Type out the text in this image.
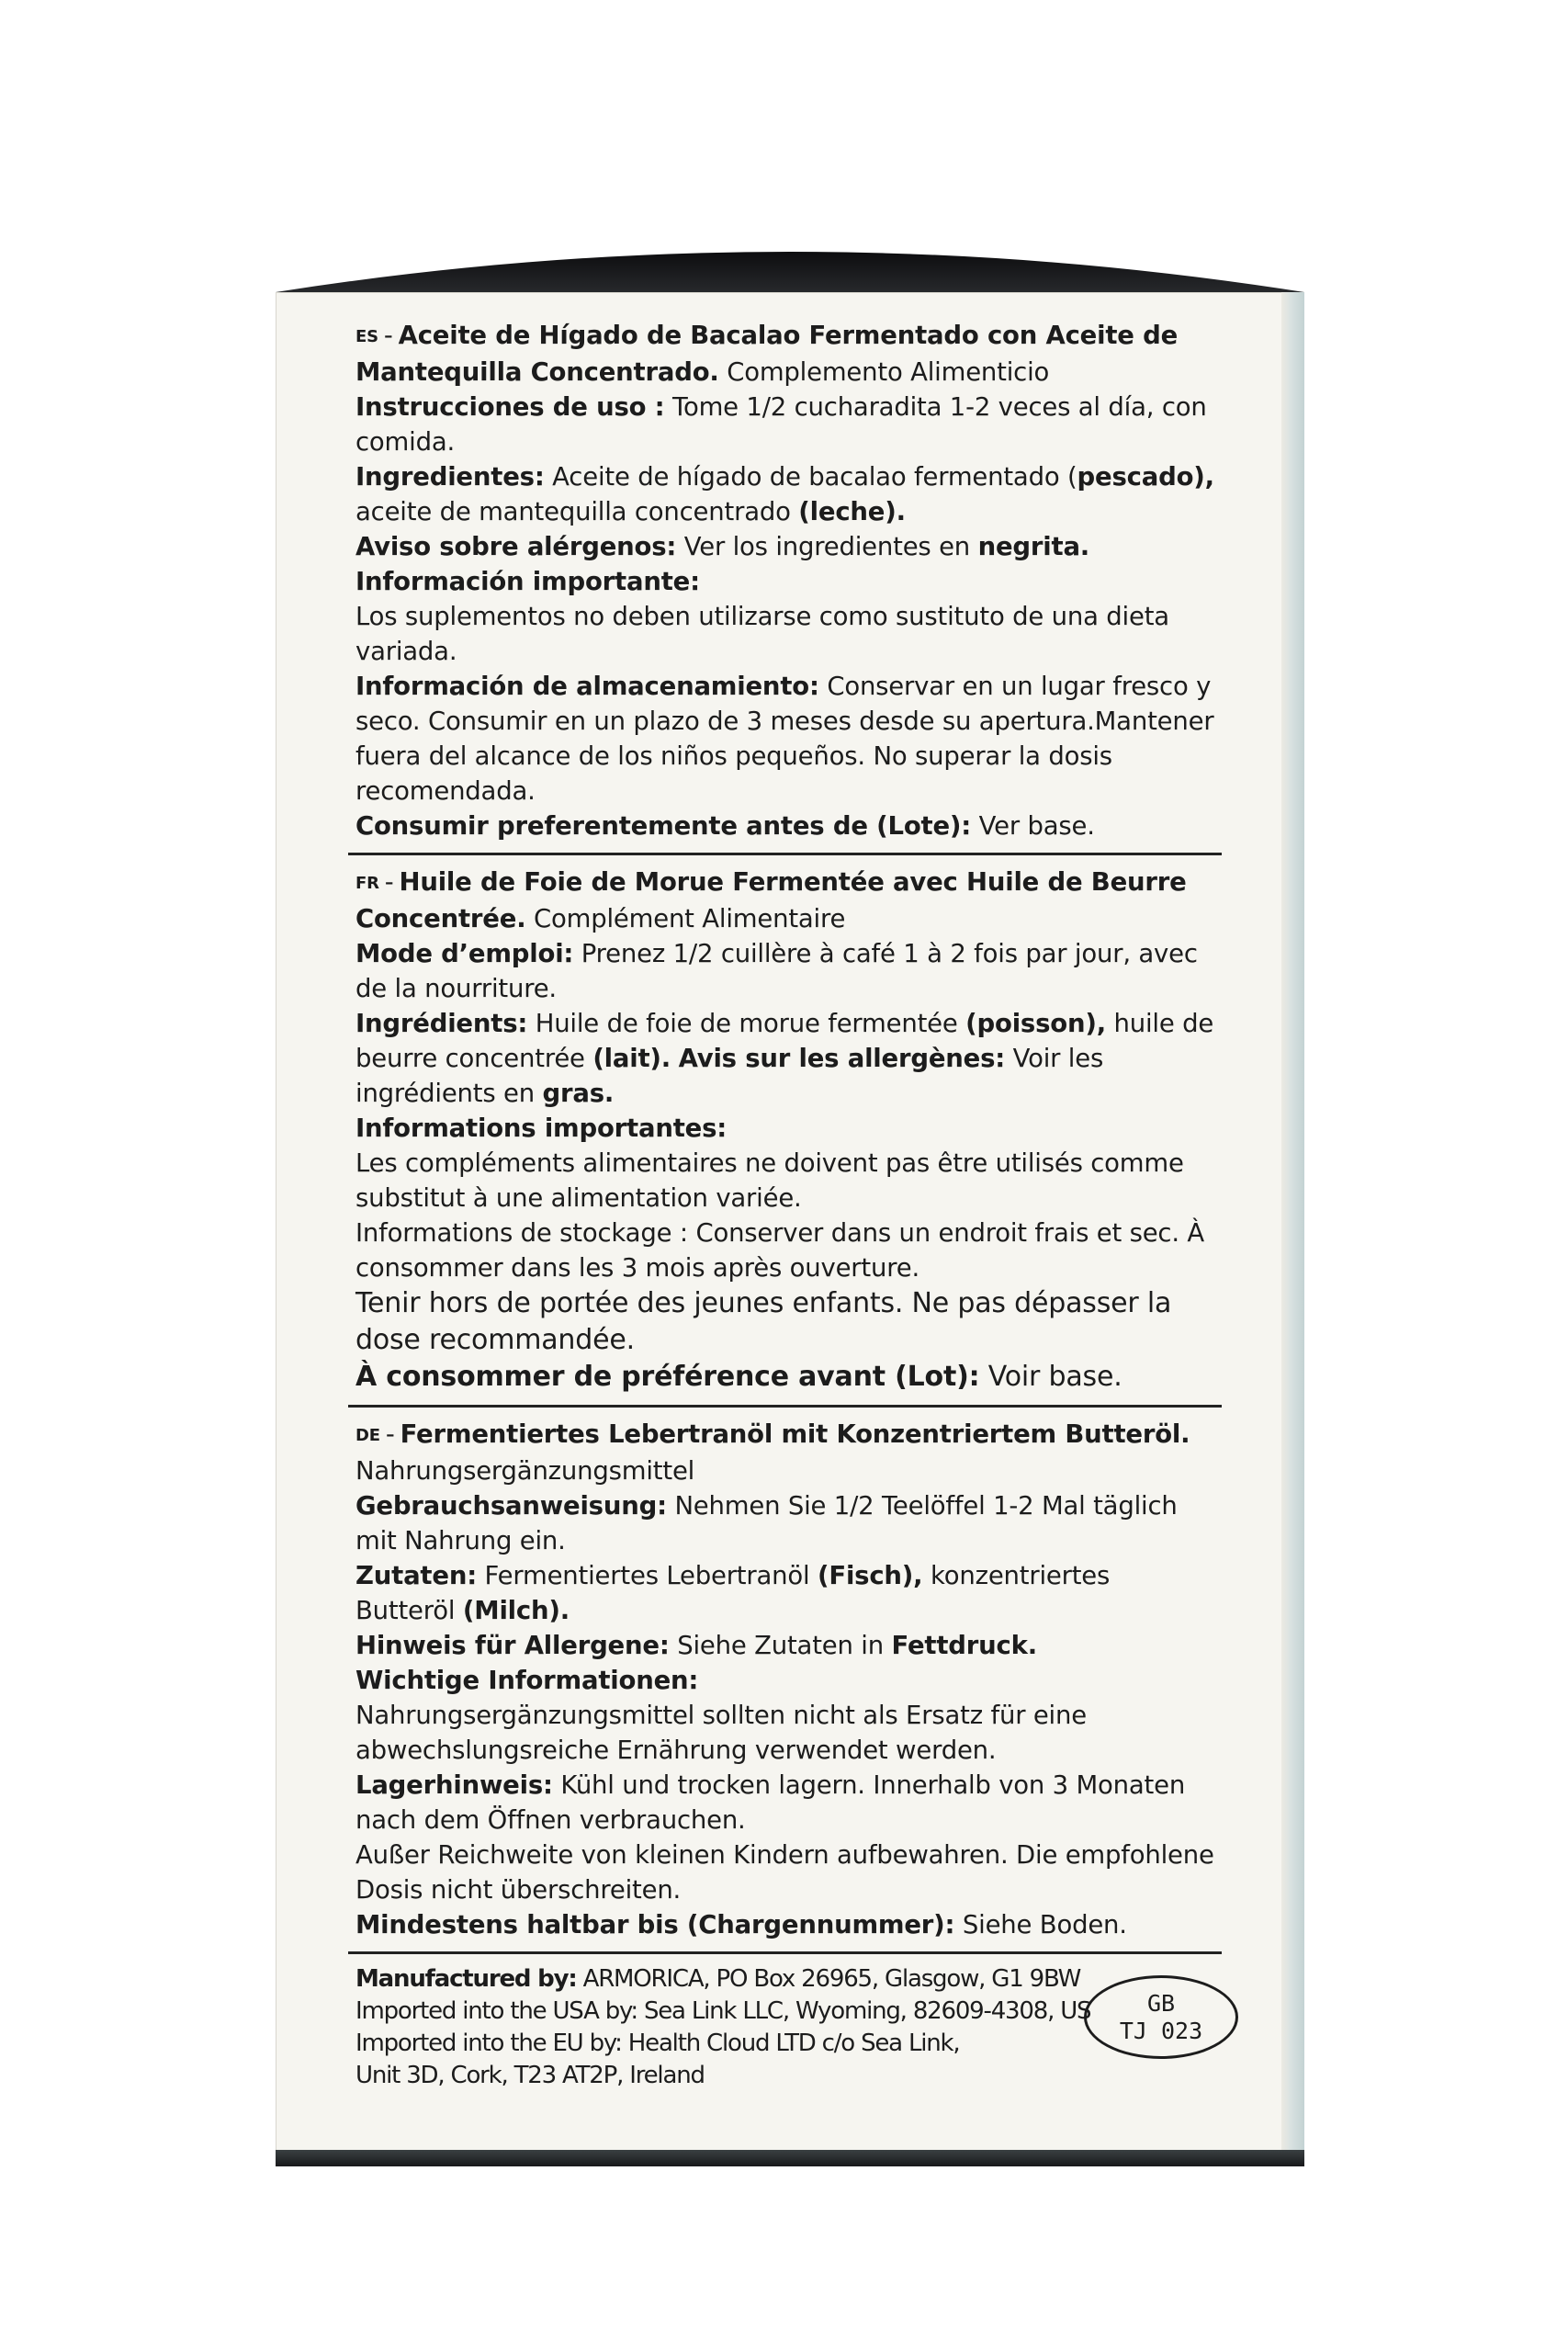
ES - Aceite de Hígado de Bacalao Fermentado con Aceite de Mantequilla Concentrado. Complemento Alimenticio

Instrucciones de uso : Tome 1/2 cucharadita 1-2 veces al día, con comida.

Ingredientes: Aceite de hígado de bacalao fermentado (pescado), aceite de mantequilla concentrado (leche).

Aviso sobre alérgenos: Ver los ingredientes en negrita.

Información importante:

Los suplementos no deben utilizarse como sustituto de una dieta variada.

Información de almacenamiento: Conservar en un lugar fresco y seco. Consumir en un plazo de 3 meses desde su apertura.Mantener fuera del alcance de los niños pequeños. No superar la dosis recomendada.

Consumir preferentemente antes de (Lote): Ver base.

FR - Huile de Foie de Morue Fermentée avec Huile de Beurre Concentrée. Complément Alimentaire

Mode d’emploi: Prenez 1/2 cuillère à café 1 à 2 fois par jour, avec de la nourriture.

Ingrédients: Huile de foie de morue fermentée (poisson), huile de beurre concentrée (lait). Avis sur les allergènes: Voir les ingrédients en gras.

Informations importantes:

Les compléments alimentaires ne doivent pas être utilisés comme substitut à une alimentation variée.

Informations de stockage : Conserver dans un endroit frais et sec. À consommer dans les 3 mois après ouverture.

Tenir hors de portée des jeunes enfants. Ne pas dépasser la dose recommandée.

À consommer de préférence avant (Lot): Voir base.

DE - Fermentiertes Lebertranöl mit Konzentriertem Butteröl.

Nahrungsergänzungsmittel

Gebrauchsanweisung: Nehmen Sie 1/2 Teelöffel 1-2 Mal täglich mit Nahrung ein.

Zutaten: Fermentiertes Lebertranöl (Fisch), konzentriertes Butteröl (Milch).

Hinweis für Allergene: Siehe Zutaten in Fettdruck.

Wichtige Informationen:

Nahrungsergänzungsmittel sollten nicht als Ersatz für eine abwechslungsreiche Ernährung verwendet werden.

Lagerhinweis: Kühl und trocken lagern. Innerhalb von 3 Monaten nach dem Öffnen verbrauchen.

Außer Reichweite von kleinen Kindern aufbewahren. Die empfohlene Dosis nicht überschreiten.

Mindestens haltbar bis (Chargennummer): Siehe Boden.

Manufactured by: ARMORICA, PO Box 26965, Glasgow, G1 9BW

Imported into the USA by: Sea Link LLC, Wyoming, 82609-4308, US

Imported into the EU by: Health Cloud LTD c/o Sea Link,

Unit 3D, Cork, T23 AT2P, Ireland

GB
TJ 023
